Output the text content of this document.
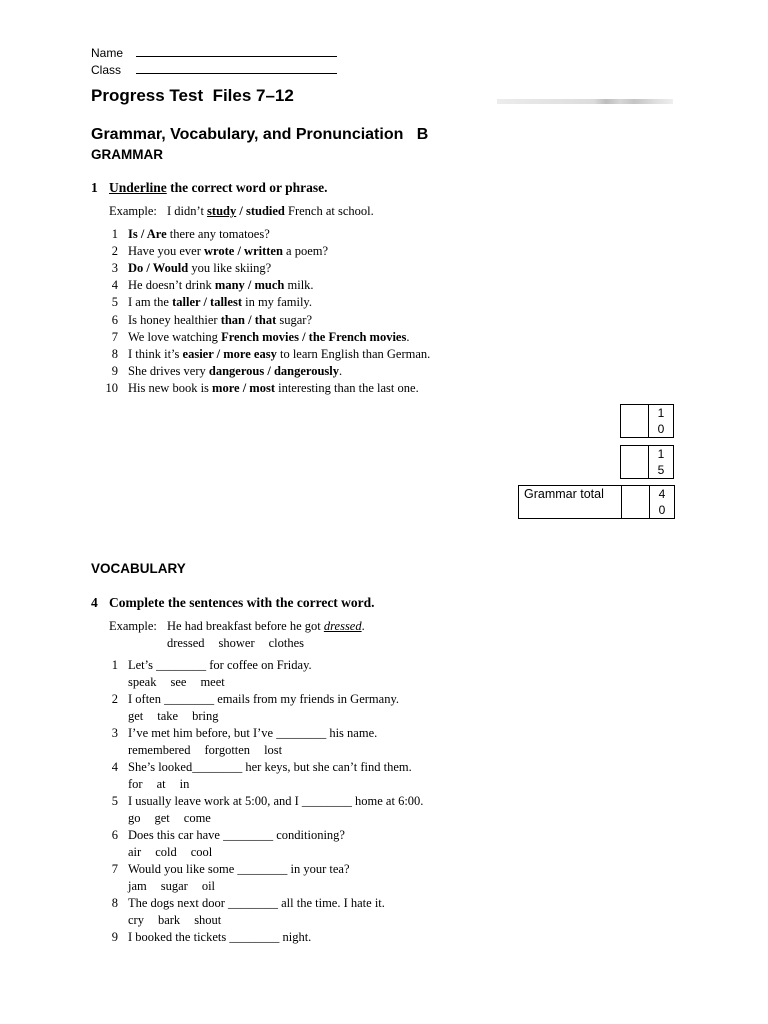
Name
Class
Progress Test  Files 7–12
Grammar, Vocabulary, and Pronunciation   B
GRAMMAR
1 Underline the correct word or phrase.
Example: I didn’t study / studied French at school.
1 Is / Are there any tomatoes?
2 Have you ever wrote / written a poem?
3 Do / Would you like skiing?
4 He doesn’t drink many / much milk.
5 I am the taller / tallest in my family.
6 Is honey healthier than / that sugar?
7 We love watching French movies / the French movies.
8 I think it’s easier / more easy to learn English than German.
9 She drives very dangerous / dangerously.
10 His new book is more / most interesting than the last one.
1
0
1
5
Grammar total	4
0
VOCABULARY
4 Complete the sentences with the correct word.
Example: He had breakfast before he got dressed.
dressed shower clothes
1 Let’s ________ for coffee on Friday.
speak see meet
2 I often ________ emails from my friends in Germany.
get take bring
3 I’ve met him before, but I’ve ________ his name.
remembered forgotten lost
4 She’s looked________ her keys, but she can’t find them.
for at in
5 I usually leave work at 5:00, and I ________ home at 6:00.
go get come
6 Does this car have ________ conditioning?
air cold cool
7 Would you like some ________ in your tea?
jam sugar oil
8 The dogs next door ________ all the time. I hate it.
cry bark shout
9 I booked the tickets ________ night.
